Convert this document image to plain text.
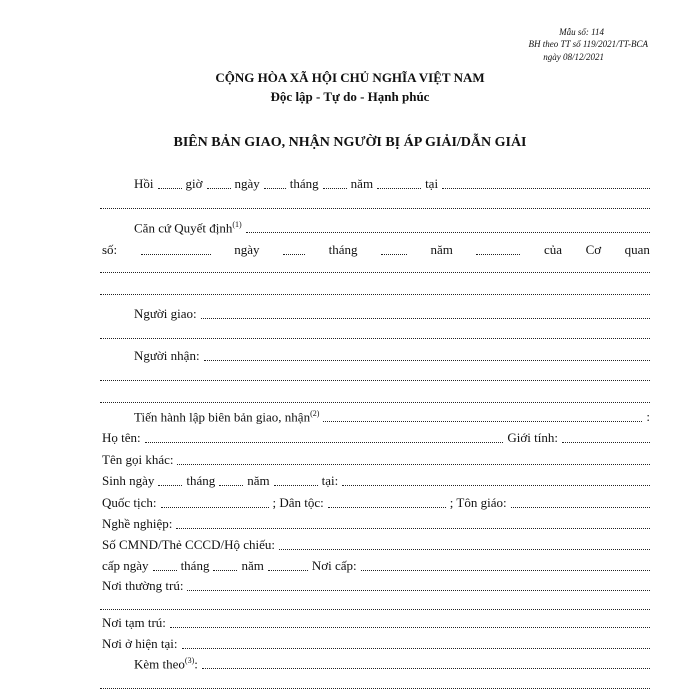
Mẫu số: 114
BH theo TT số 119/2021/TT-BCA
ngày 08/12/2021
CỘNG HÒA XÃ HỘI CHỦ NGHĨA VIỆT NAM
Độc lập - Tự do - Hạnh phúc
BIÊN BẢN GIAO, NHẬN NGƯỜI BỊ ÁP GIẢI/DẪN GIẢI
Hồi giờ ngày tháng năm	tại
Căn cứ Quyết định$^{(1)}$
số:	ngày	tháng	năm	của Cơ quan
Người giao:
Người nhận:
Tiến hành lập biên bản giao, nhận$^{(2)}$	:
Họ tên:	Giới tính:
Tên gọi khác:
Sinh ngày tháng năm	tại:
Quốc tịch:	; Dân tộc:	; Tôn giáo:
Nghề nghiệp:
Số CMND/Thẻ CCCD/Hộ chiếu:
cấp ngày tháng năm	Nơi cấp:
Nơi thường trú:
Nơi tạm trú:
Nơi ở hiện tại:
Kèm theo$^{(3)}$:
